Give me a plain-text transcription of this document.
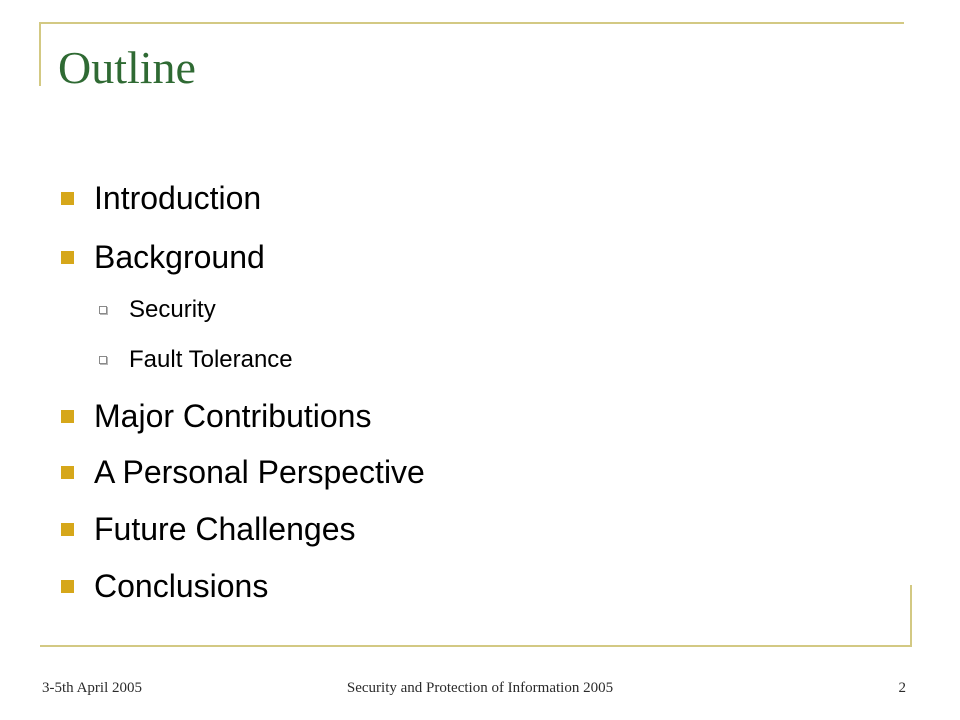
Outline
Introduction
Background
Security
Fault Tolerance
Major Contributions
A Personal Perspective
Future Challenges
Conclusions
3-5th April 2005	Security and Protection of Information 2005	2
